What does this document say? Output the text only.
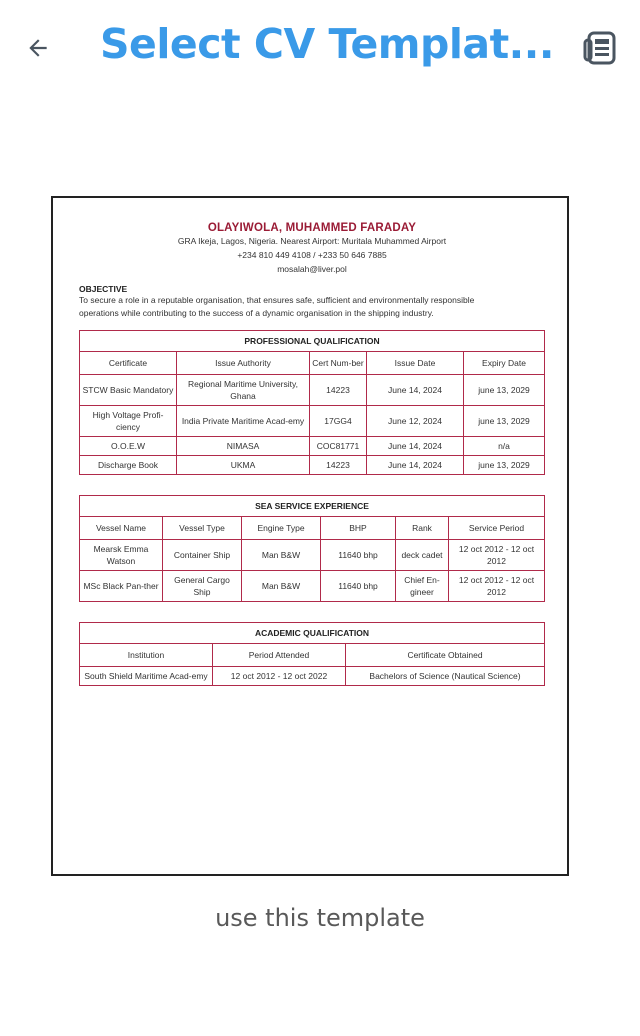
Select CV Templat...
OLAYIWOLA, MUHAMMED FARADAY
GRA Ikeja, Lagos, Nigeria. Nearest Airport: Muritala Muhammed Airport
+234 810 449 4108 / +233 50 646 7885
mosalah@liver.pol
OBJECTIVE
To secure a role in a reputable organisation, that ensures safe, sufficient and environmentally responsible
operations while contributing to the success of a dynamic organisation in the shipping industry.
PROFESSIONAL QUALIFICATION				
Certificate	Issue Authority	Cert Num-ber	Issue Date	Expiry Date
STCW Basic Mandatory	Regional Maritime University, Ghana	14223	June 14, 2024	june 13, 2029
High Voltage Profi-ciency	India Private Maritime Acad-emy	17GG4	June 12, 2024	june 13, 2029
O.O.E.W	NIMASA	COC81771	June 14, 2024	n/a
Discharge Book	UKMA	14223	June 14, 2024	june 13, 2029
SEA SERVICE EXPERIENCE					
Vessel Name	Vessel Type	Engine Type	BHP	Rank	Service Period
Mearsk Emma Watson	Container Ship	Man B&W	11640 bhp	deck cadet	12 oct 2012 - 12 oct 2012
MSc Black Pan-ther	General Cargo Ship	Man B&W	11640 bhp	Chief En-gineer	12 oct 2012 - 12 oct 2012
ACADEMIC QUALIFICATION		
Institution	Period Attended	Certificate Obtained
South Shield Maritime Acad-emy	12 oct 2012 - 12 oct 2022	Bachelors of Science (Nautical Science)
use this template
